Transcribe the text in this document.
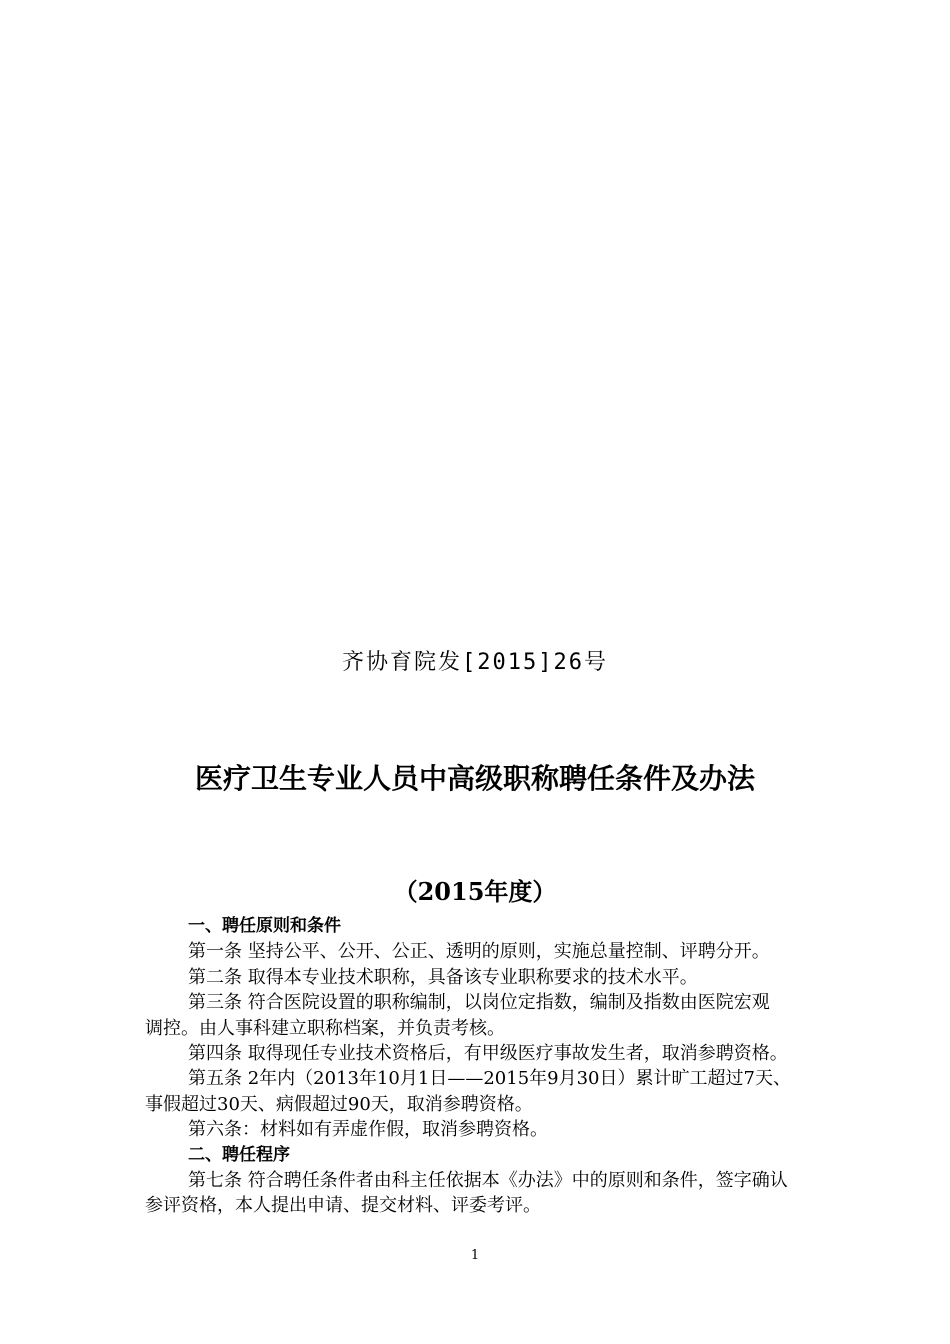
齐协育院发[2015]26号
医疗卫生专业人员中高级职称聘任条件及办法
（2015年度）
一、聘任原则和条件
第一条 坚持公平、公开、公正、透明的原则，实施总量控制、评聘分开。
第二条 取得本专业技术职称，具备该专业职称要求的技术水平。
第三条 符合医院设置的职称编制，以岗位定指数，编制及指数由医院宏观
调控。由人事科建立职称档案，并负责考核。
第四条 取得现任专业技术资格后，有甲级医疗事故发生者，取消参聘资格。
第五条 2年内（2013年10月1日——2015年9月30日）累计旷工超过7天、
事假超过30天、病假超过90天，取消参聘资格。
第六条：材料如有弄虚作假，取消参聘资格。
二、聘任程序
第七条 符合聘任条件者由科主任依据本《办法》中的原则和条件，签字确认
参评资格，本人提出申请、提交材料、评委考评。
1
